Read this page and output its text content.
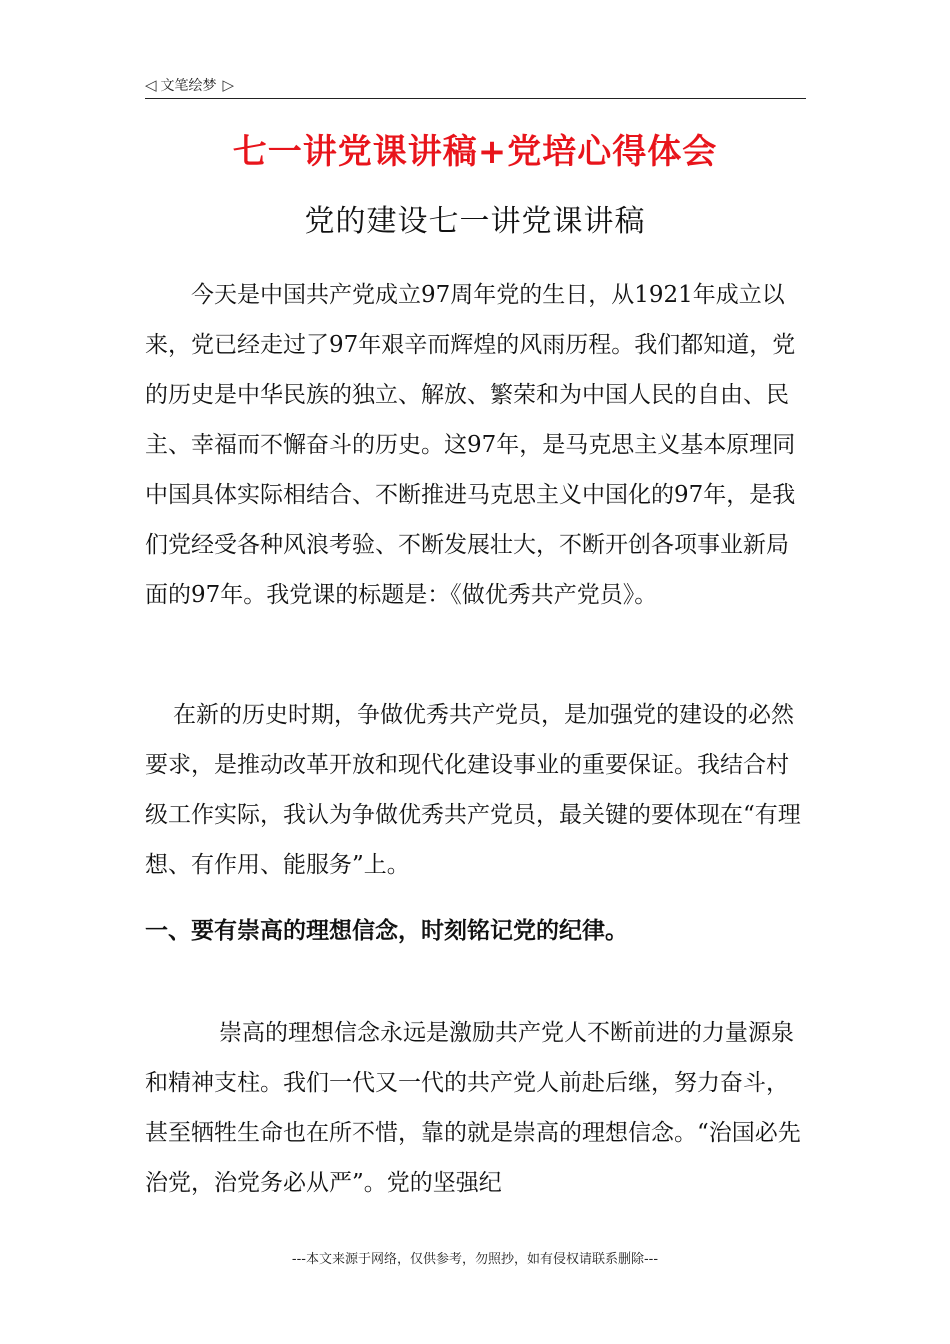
◁ 文笔绘梦 ▷
七一讲党课讲稿+党培心得体会
党的建设七一讲党课讲稿

今天是中国共产党成立97周年党的生日，从1921年成立以来，党已经走过了97年艰辛而辉煌的风雨历程。我们都知道，党的历史是中华民族的独立、解放、繁荣和为中国人民的自由、民主、幸福而不懈奋斗的历史。这97年，是马克思主义基本原理同中国具体实际相结合、不断推进马克思主义中国化的97年，是我们党经受各种风浪考验、不断发展壮大，不断开创各项事业新局面的97年。我党课的标题是：《做优秀共产党员》。

在新的历史时期，争做优秀共产党员，是加强党的建设的必然要求，是推动改革开放和现代化建设事业的重要保证。我结合村级工作实际，我认为争做优秀共产党员，最关键的要体现在“有理想、有作用、能服务”上。

一、要有崇高的理想信念，时刻铭记党的纪律。

崇高的理想信念永远是激励共产党人不断前进的力量源泉和精神支柱。我们一代又一代的共产党人前赴后继，努力奋斗，甚至牺牲生命也在所不惜，靠的就是崇高的理想信念。“治国必先治党，治党务必从严”。党的坚强纪

---本文来源于网络，仅供参考，勿照抄，如有侵权请联系删除---
